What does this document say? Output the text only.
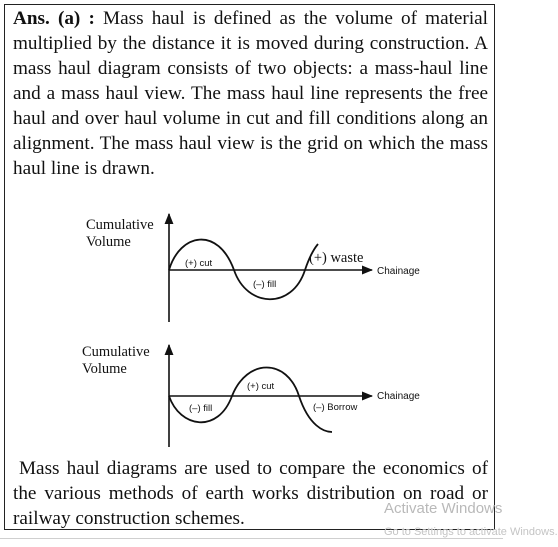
Ans. (a) : Mass haul is defined as the volume of material multiplied by the distance it is moved during construction. A mass haul diagram consists of two objects: a mass-haul line and a mass haul view. The mass haul line represents the free haul and over haul volume in cut and fill conditions along an alignment. The mass haul view is the grid on which the mass haul line is drawn.

Cumulative
Volume
(+) cut
(–) fill
(+) waste
Chainage
Cumulative
Volume
(–) fill
(+) cut
(–) Borrow
Chainage

Mass haul diagrams are used to compare the economics of the various methods of earth works distribution on road or railway construction schemes.	Activate Windows
Go to Settings to activate Windows.
